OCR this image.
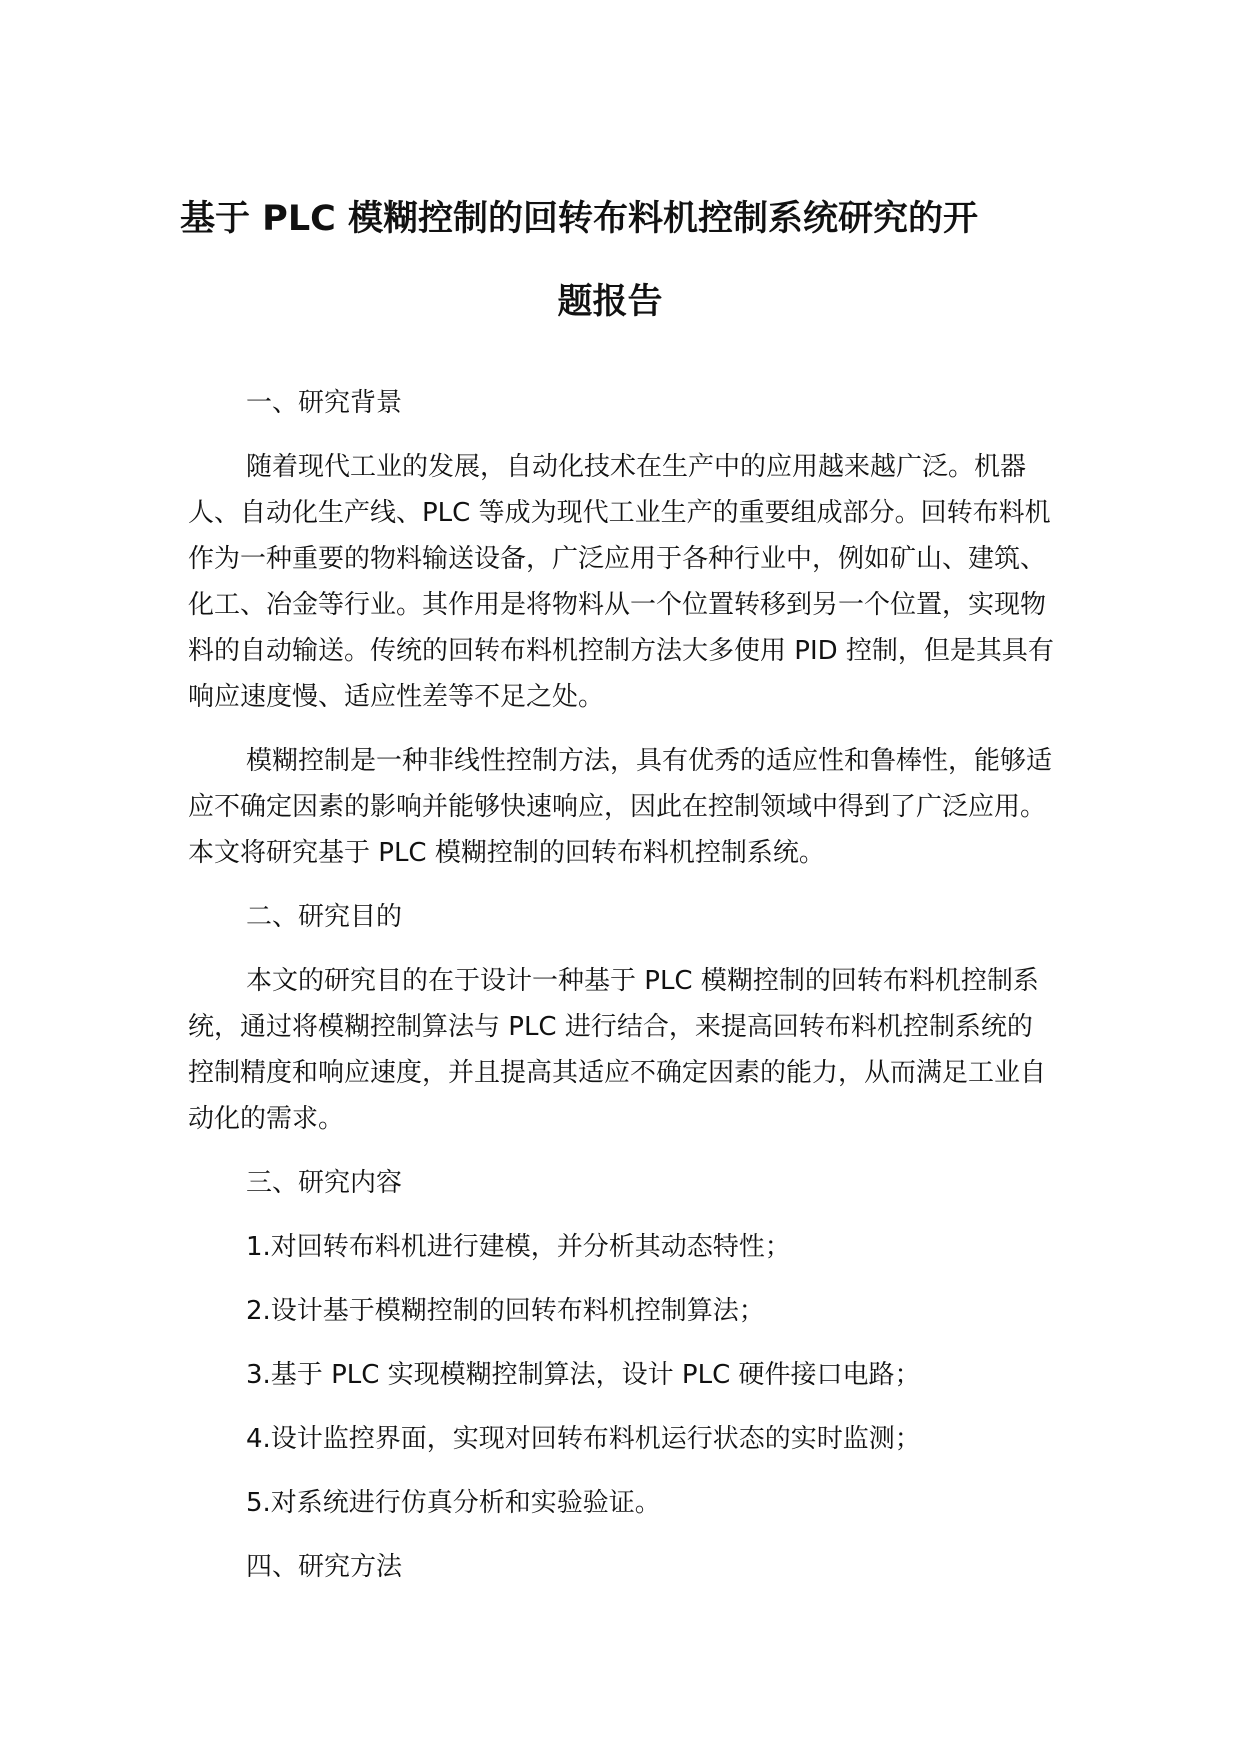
基于 PLC 模糊控制的回转布料机控制系统研究的开
题报告

一、研究背景

随着现代工业的发展，自动化技术在生产中的应用越来越广泛。机器人、自动化生产线、PLC 等成为现代工业生产的重要组成部分。回转布料机作为一种重要的物料输送设备，广泛应用于各种行业中，例如矿山、建筑、化工、冶金等行业。其作用是将物料从一个位置转移到另一个位置，实现物料的自动输送。传统的回转布料机控制方法大多使用 PID 控制，但是其具有响应速度慢、适应性差等不足之处。

模糊控制是一种非线性控制方法，具有优秀的适应性和鲁棒性，能够适应不确定因素的影响并能够快速响应，因此在控制领域中得到了广泛应用。本文将研究基于 PLC 模糊控制的回转布料机控制系统。

二、研究目的

本文的研究目的在于设计一种基于 PLC 模糊控制的回转布料机控制系统，通过将模糊控制算法与 PLC 进行结合，来提高回转布料机控制系统的控制精度和响应速度，并且提高其适应不确定因素的能力，从而满足工业自动化的需求。

三、研究内容

1.对回转布料机进行建模，并分析其动态特性；

2.设计基于模糊控制的回转布料机控制算法；

3.基于 PLC 实现模糊控制算法，设计 PLC 硬件接口电路；

4.设计监控界面，实现对回转布料机运行状态的实时监测；

5.对系统进行仿真分析和实验验证。

四、研究方法
